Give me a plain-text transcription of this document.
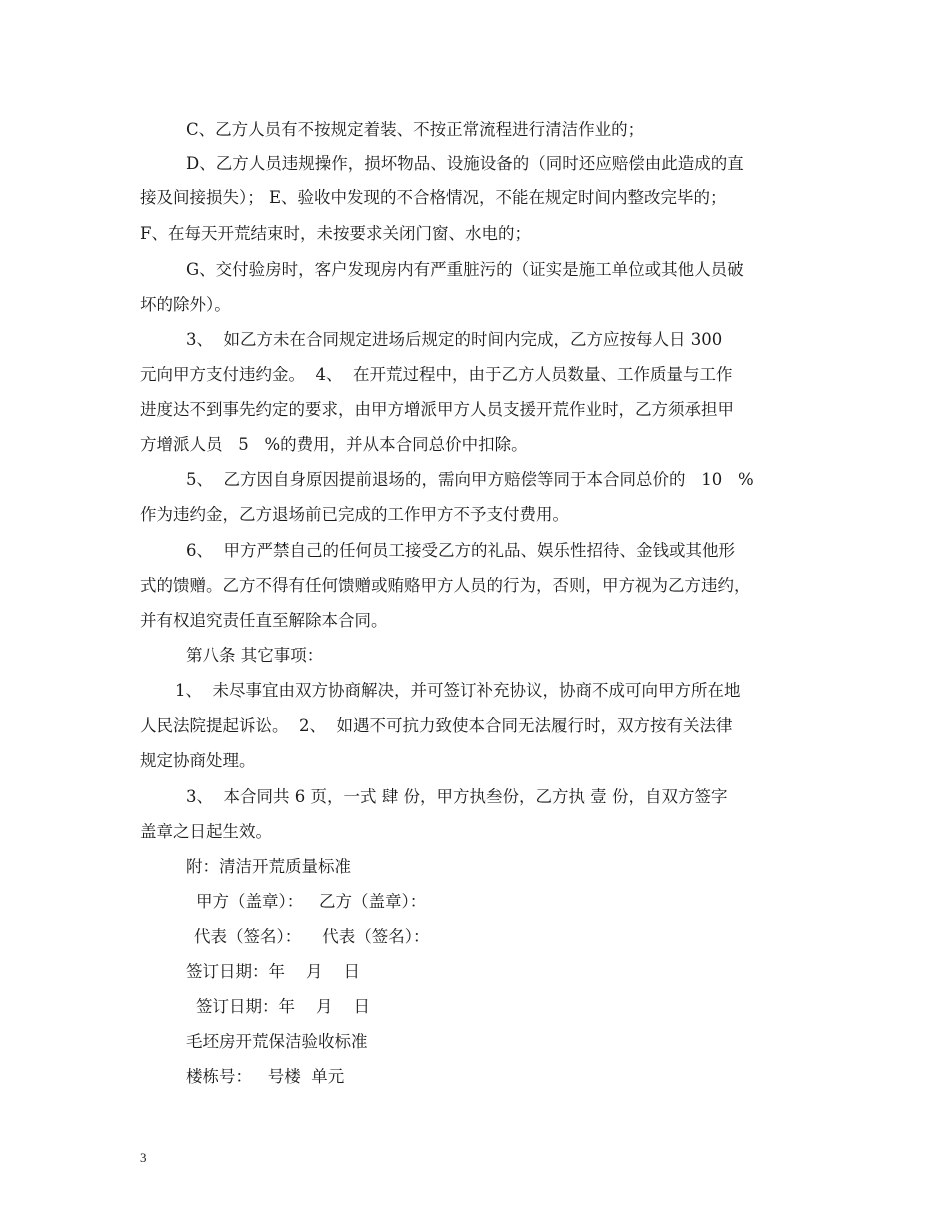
C、乙方人员有不按规定着装、不按正常流程进行清洁作业的；

D、乙方人员违规操作，损坏物品、设施设备的（同时还应赔偿由此造成的直

接及间接损失）； E、验收中发现的不合格情况，不能在规定时间内整改完毕的；

F、在每天开荒结束时，未按要求关闭门窗、水电的；

G、交付验房时，客户发现房内有严重脏污的（证实是施工单位或其他人员破

坏的除外）。

3、  如乙方未在合同规定进场后规定的时间内完成，乙方应按每人日 300

元向甲方支付违约金。  4、  在开荒过程中，由于乙方人员数量、工作质量与工作

进度达不到事先约定的要求，由甲方增派甲方人员支援开荒作业时，乙方须承担甲

方增派人员   5   %的费用，并从本合同总价中扣除。

5、  乙方因自身原因提前退场的，需向甲方赔偿等同于本合同总价的   10   %

作为违约金，乙方退场前已完成的工作甲方不予支付费用。

6、  甲方严禁自己的任何员工接受乙方的礼品、娱乐性招待、金钱或其他形

式的馈赠。乙方不得有任何馈赠或贿赂甲方人员的行为，否则，甲方视为乙方违约，

并有权追究责任直至解除本合同。

第八条 其它事项：

1、  未尽事宜由双方协商解决，并可签订补充协议，协商不成可向甲方所在地

人民法院提起诉讼。  2、  如遇不可抗力致使本合同无法履行时，双方按有关法律

规定协商处理。

3、  本合同共 6 页，一式 肆 份，甲方执叁份，乙方执 壹 份，自双方签字

盖章之日起生效。

附：清洁开荒质量标准

甲方（盖章）：   乙方（盖章）：

代表（签名）：    代表（签名）：

签订日期：年    月    日

签订日期：年    月    日

毛坯房开荒保洁验收标准

楼栋号：   号楼  单元

3
